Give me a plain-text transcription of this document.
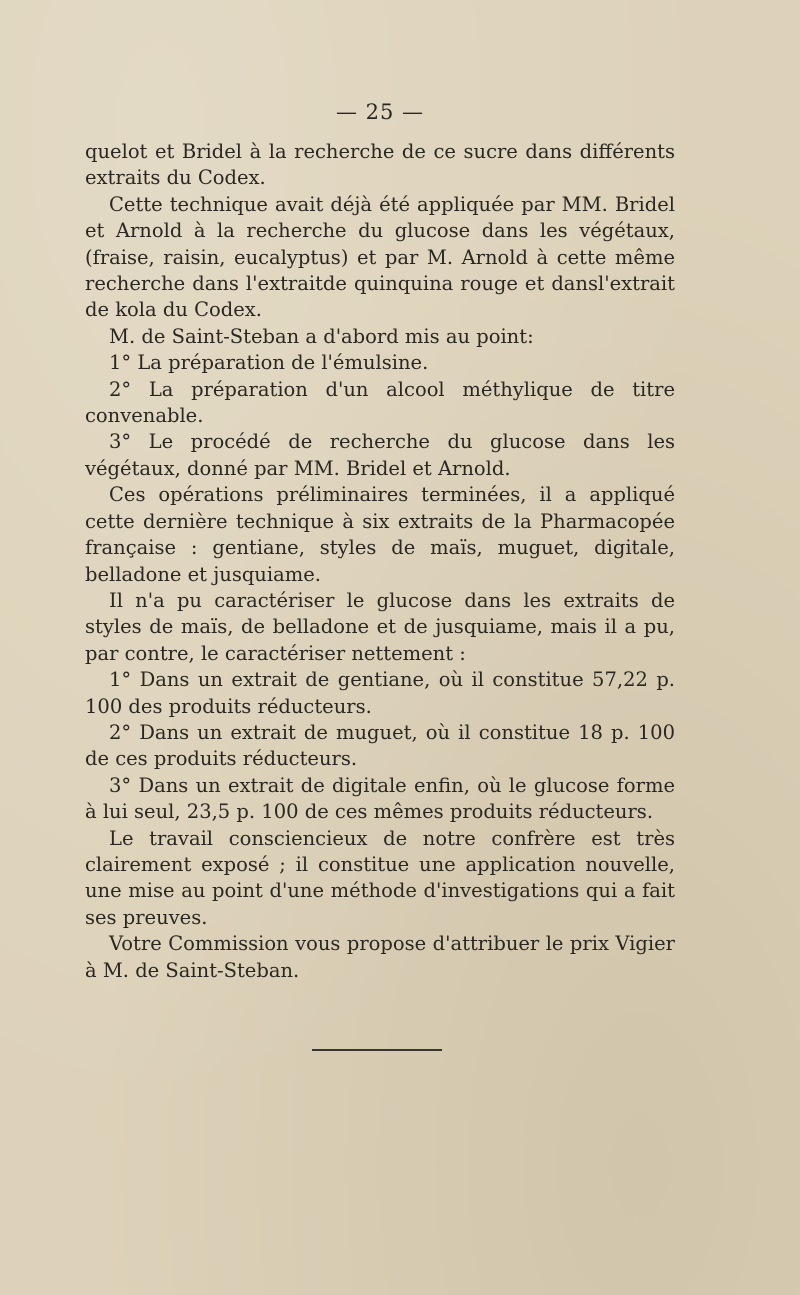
— 25 —

quelot et Bridel à la recherche de ce sucre dans différents extraits du Codex.

Cette technique avait déjà été appliquée par MM. Bridel et Arnold à la recherche du glucose dans les végétaux, (fraise, raisin, eucalyptus) et par M. Arnold à cette même recherche dans l'extraitde quinquina rouge et dansl'extrait de kola du Codex.

M. de Saint-Steban a d'abord mis au point:

1° La préparation de l'émulsine.

2° La préparation d'un alcool méthylique de titre convenable.

3° Le procédé de recherche du glucose dans les végétaux, donné par MM. Bridel et Arnold.

Ces opérations préliminaires terminées, il a appliqué cette dernière technique à six extraits de la Pharmacopée française : gentiane, styles de maïs, muguet, digitale, belladone et jusquiame.

Il n'a pu caractériser le glucose dans les extraits de styles de maïs, de belladone et de jusquiame, mais il a pu, par contre, le caractériser nettement :

1° Dans un extrait de gentiane, où il constitue 57,22 p. 100 des produits réducteurs.

2° Dans un extrait de muguet, où il constitue 18 p. 100 de ces produits réducteurs.

3° Dans un extrait de digitale enfin, où le glucose forme à lui seul, 23,5 p. 100 de ces mêmes produits réducteurs.

Le travail consciencieux de notre confrère est très clairement exposé ; il constitue une application nouvelle, une mise au point d'une méthode d'investigations qui a fait ses preuves.

Votre Commission vous propose d'attribuer le prix Vigier à M. de Saint-Steban.
